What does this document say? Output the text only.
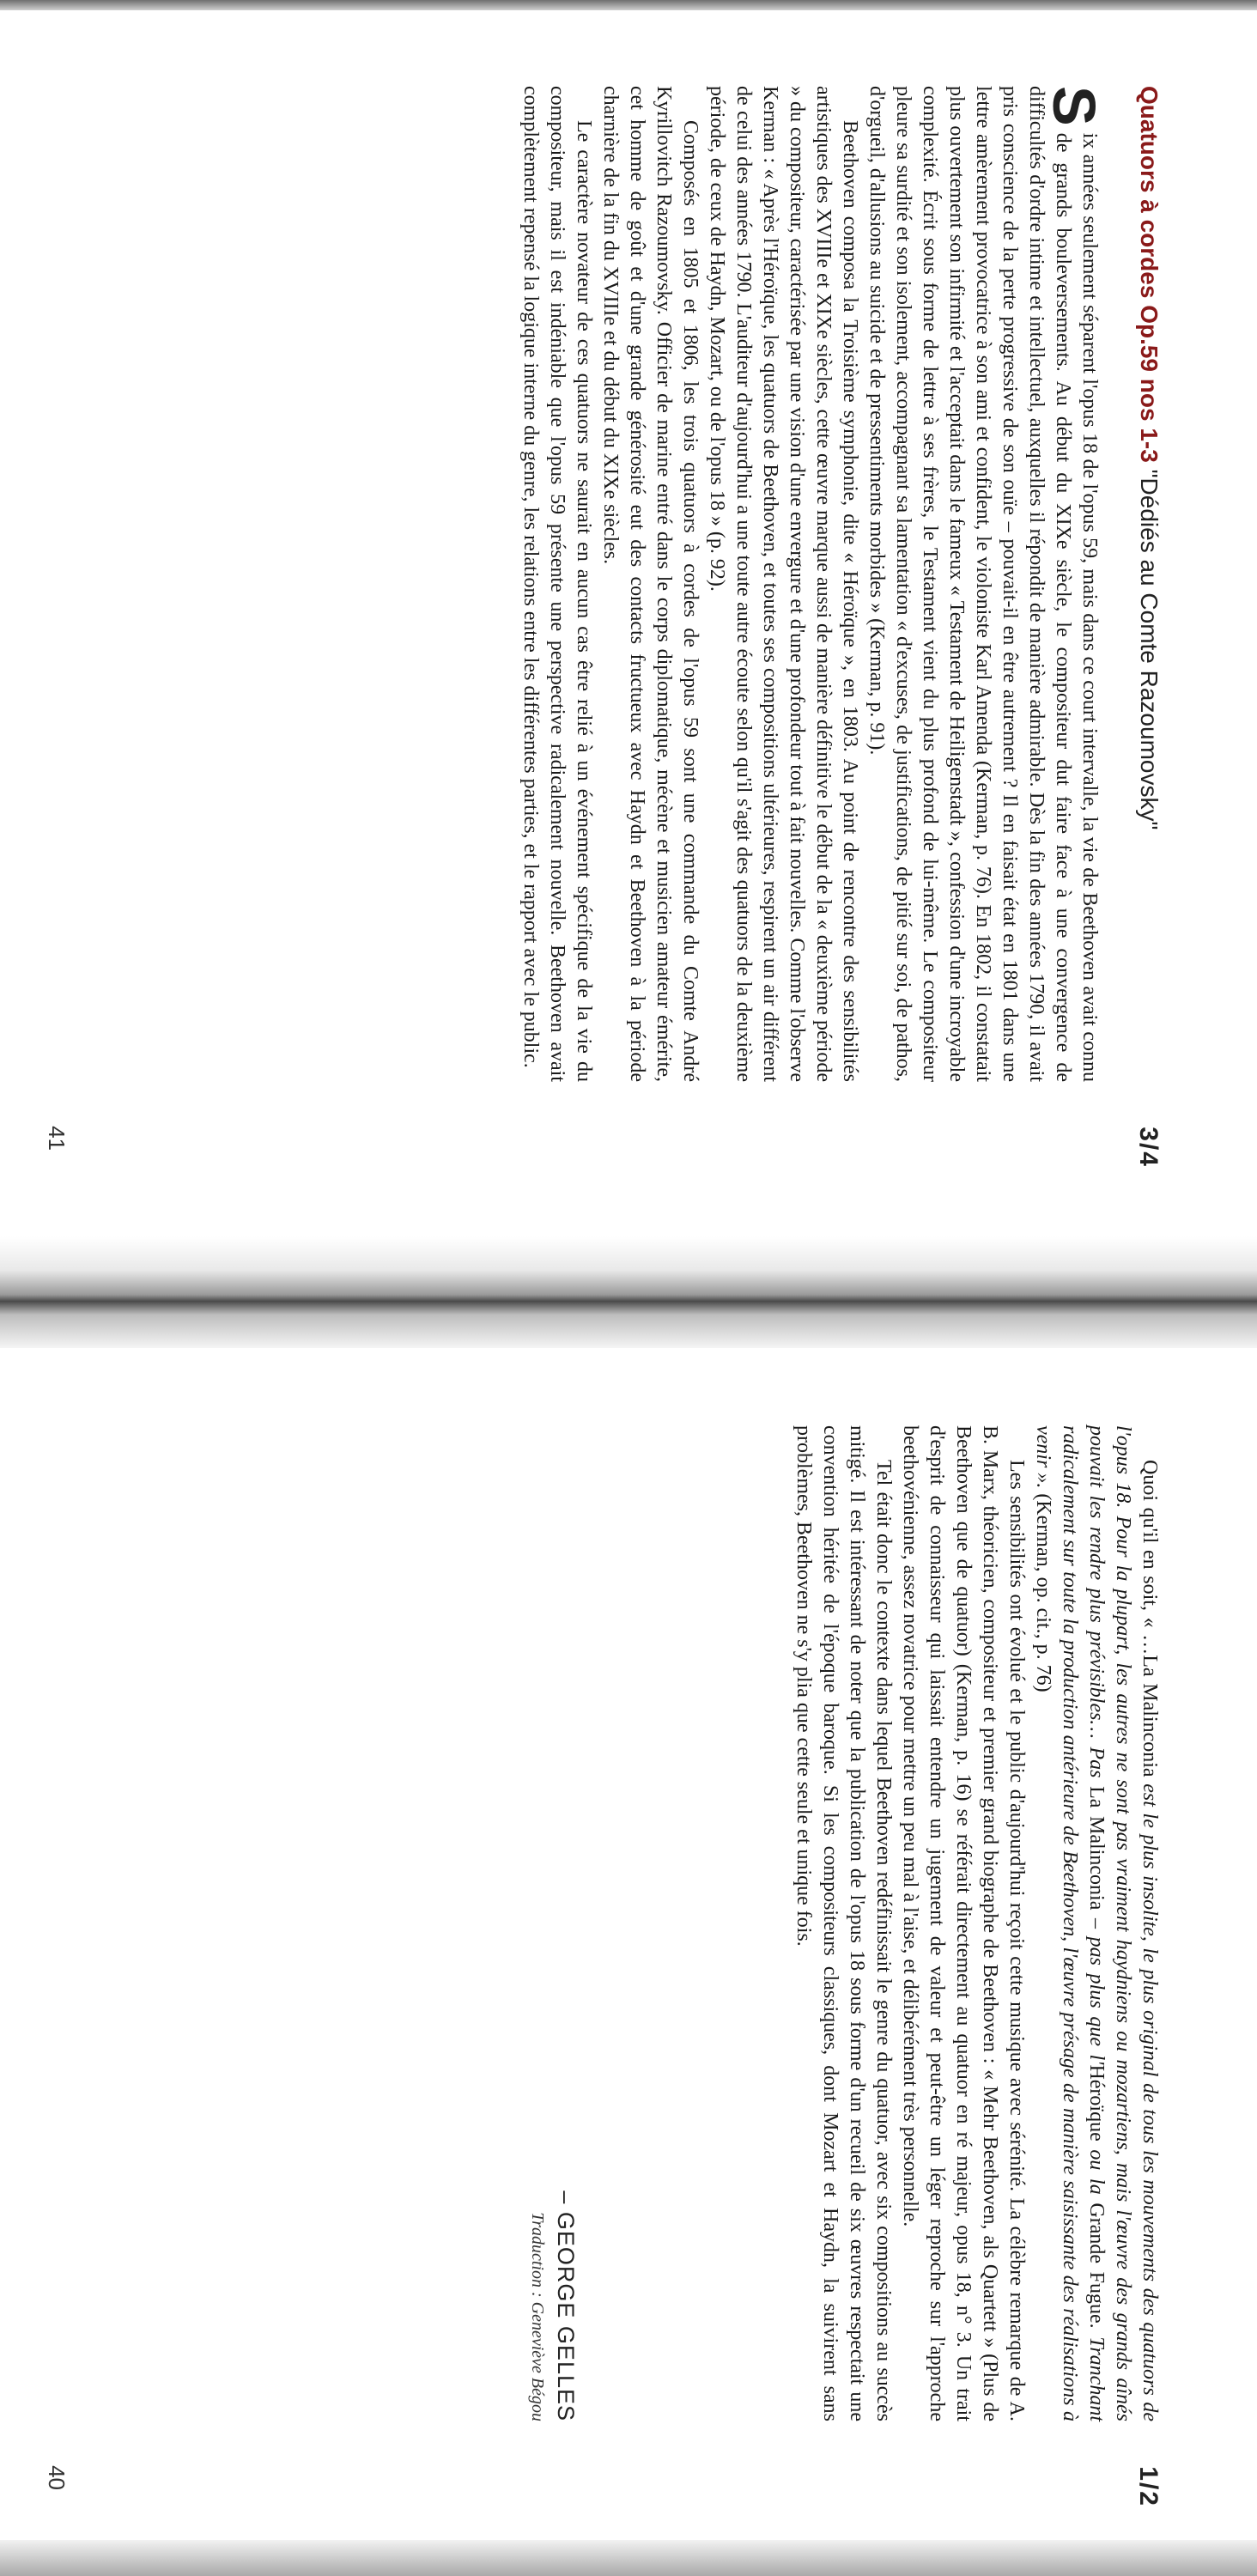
3/4
Quatuors à cordes Op.59 nos 1-3 "Dédiés au Comte Razoumovsky"

S
ix années seulement séparent l'opus 18 de l'opus 59, mais dans ce court intervalle, la vie de Beethoven avait connu de grands bouleversements. Au début du XIXe siècle, le compositeur dut faire face à une convergence de difficultés d'ordre intime et intellectuel, auxquelles il répondit de manière admirable. Dès la fin des années 1790, il avait pris conscience de la perte progressive de son ouïe – pouvait-il en être autrement ? Il en faisait état en 1801 dans une lettre amèrement provocatrice à son ami et confident, le violoniste Karl Amenda (Kerman, p. 76). En 1802, il constatait plus ouvertement son infirmité et l'acceptait dans le fameux « Testament de Heiligenstadt », confession d'une incroyable complexité. Écrit sous forme de lettre à ses frères, le Testament vient du plus profond de lui-même. Le compositeur pleure sa surdité et son isolement, accompagnant sa lamentation « d'excuses, de justifications, de pitié sur soi, de pathos, d'orgueil, d'allusions au suicide et de pressentiments morbides » (Kerman, p. 91).

Beethoven composa la Troisième symphonie, dite « Héroïque », en 1803. Au point de rencontre des sensibilités artistiques des XVIIIe et XIXe siècles, cette œuvre marque aussi de manière définitive le début de la « deuxième période » du compositeur, caractérisée par une vision d'une envergure et d'une profondeur tout à fait nouvelles. Comme l'observe Kerman : « Après l'Héroïque, les quatuors de Beethoven, et toutes ses compositions ultérieures, respirent un air différent de celui des années 1790. L'auditeur d'aujourd'hui a une toute autre écoute selon qu'il s'agit des quatuors de la deuxième période, de ceux de Haydn, Mozart, ou de l'opus 18 » (p. 92).

Composés en 1805 et 1806, les trois quatuors à cordes de l'opus 59 sont une commande du Comte André Kyrillovitch Razoumovsky. Officier de marine entré dans le corps diplomatique, mécène et musicien amateur émérite, cet homme de goût et d'une grande générosité eut des contacts fructueux avec Haydn et Beethoven à la période charnière de la fin du XVIIIe et du début du XIXe siècles.

Le caractère novateur de ces quatuors ne saurait en aucun cas être relié à un événement spécifique de la vie du compositeur, mais il est indéniable que l'opus 59 présente une perspective radicalement nouvelle. Beethoven avait complètement repensé la logique interne du genre, les relations entre les différentes parties, et le rapport avec le public.

41
1/2

Quoi qu'il en soit, « …La Malinconia est le plus insolite, le plus original de tous les mouvements des quatuors de l'opus 18. Pour la plupart, les autres ne sont pas vraiment haydniens ou mozartiens, mais l'œuvre des grands aînés pouvait les rendre plus prévisibles… Pas La Malinconia – pas plus que l'Héroïque ou la Grande Fugue. Tranchant radicalement sur toute la production antérieure de Beethoven, l'œuvre présage de manière saisissante des réalisations à venir ». (Kerman, op. cit., p. 76)

Les sensibilités ont évolué et le public d'aujourd'hui reçoit cette musique avec sérénité. La célèbre remarque de A. B. Marx, théoricien, compositeur et premier grand biographe de Beethoven : « Mehr Beethoven, als Quartett » (Plus de Beethoven que de quatuor) (Kerman, p. 16) se référait directement au quatuor en ré majeur, opus 18, n° 3. Un trait d'esprit de connaisseur qui laissait entendre un jugement de valeur et peut-être un léger reproche sur l'approche beethovénienne, assez novatrice pour mettre un peu mal à l'aise, et délibérément très personnelle.

Tel était donc le contexte dans lequel Beethoven redéfinissait le genre du quatuor, avec six compositions au succès mitigé. Il est intéressant de noter que la publication de l'opus 18 sous forme d'un recueil de six œuvres respectait une convention héritée de l'époque baroque. Si les compositeurs classiques, dont Mozart et Haydn, la suivirent sans problèmes, Beethoven ne s'y plia que cette seule et unique fois.

– GEORGE GELLES
Traduction : Geneviève Bégou
40
